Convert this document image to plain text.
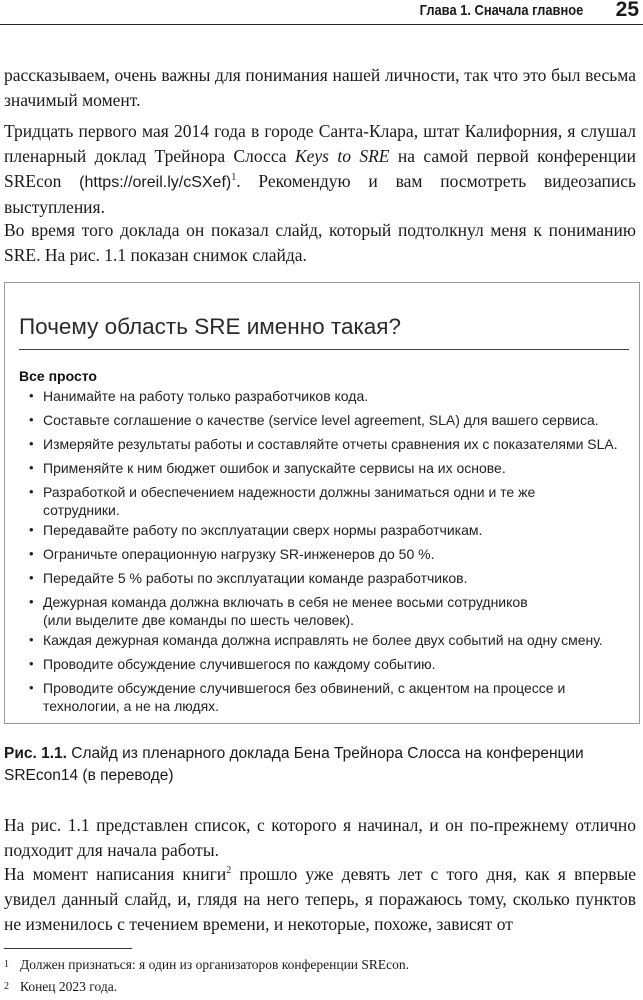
Глава 1. Сначала главное 25

рассказываем, очень важны для понимания нашей личности, так что это был весьма значимый момент.

Тридцать первого мая 2014 года в городе Санта-Клара, штат Калифорния, я слушал пленарный доклад Трейнора Слосса Keys to SRE на самой первой конференции SREcon (https://oreil.ly/cSXef)$^1$. Рекомендую и вам посмотреть видеозапись выступления.

Во время того доклада он показал слайд, который подтолкнул меня к пониманию SRE. На рис. 1.1 показан снимок слайда.

Почему область SRE именно такая?
Все просто
• Нанимайте на работу только разработчиков кода.
• Составьте соглашение о качестве (service level agreement, SLA) для вашего сервиса.
• Измеряйте результаты работы и составляйте отчеты сравнения их с показателями SLA.
• Применяйте к ним бюджет ошибок и запускайте сервисы на их основе.
• Разработкой и обеспечением надежности должны заниматься одни и те же сотрудники.
• Передавайте работу по эксплуатации сверх нормы разработчикам.
• Ограничьте операционную нагрузку SR-инженеров до 50 %.
• Передайте 5 % работы по эксплуатации команде разработчиков.
• Дежурная команда должна включать в себя не менее восьми сотрудников (или выделите две команды по шесть человек).
• Каждая дежурная команда должна исправлять не более двух событий на одну смену.
• Проводите обсуждение случившегося по каждому событию.
• Проводите обсуждение случившегося без обвинений, с акцентом на процессе и технологии, а не на людях.
Рис. 1.1. Слайд из пленарного доклада Бена Трейнора Слосса на конференции SREcon14 (в переводе)

На рис. 1.1 представлен список, с которого я начинал, и он по-прежнему отлично подходит для начала работы.

На момент написания книги$^2$ прошло уже девять лет с того дня, как я впервые увидел данный слайд, и, глядя на него теперь, я поражаюсь тому, сколько пунктов не изменилось с течением времени, и некоторые, похоже, зависят от

1 Должен признаться: я один из организаторов конференции SREcon.
2 Конец 2023 года.
